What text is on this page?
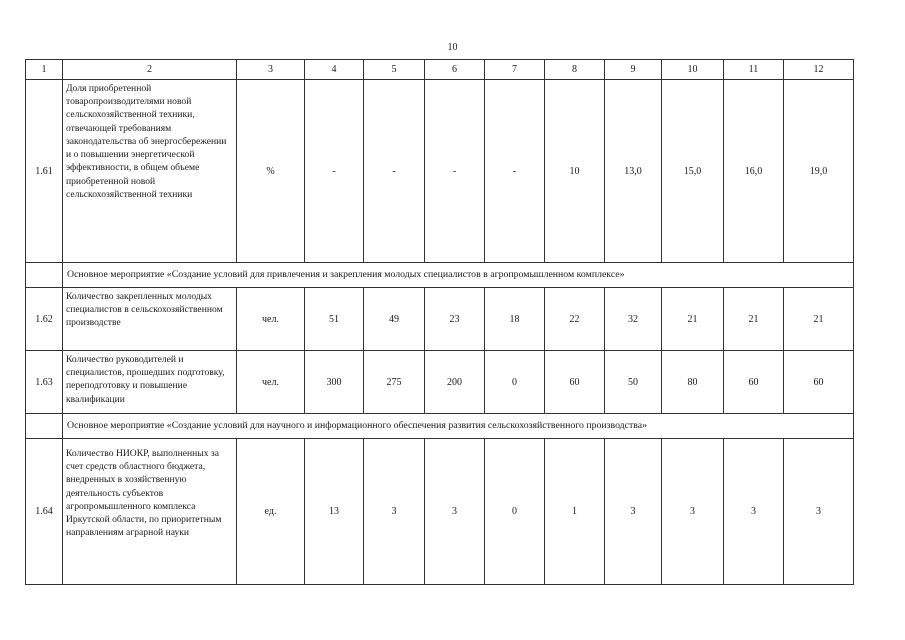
10
1	2	3	4	5	6	7	8	9	10	11	12
1.61	Доля приобретенной товаропроизводителями новой сельскохозяйственной техники, отвечающей требованиям законодательства об энергосбережении и о повышении энергетической эффективности, в общем объеме приобретенной новой сельскохозяйственной техники	%	-	-	-	-	10	13,0	15,0	16,0	19,0
	Основное мероприятие «Создание условий для привлечения и закрепления молодых специалистов в агропромышленном комплексе»										
1.62	Количество закрепленных молодых специалистов в сельскохозяйственном производстве	чел.	51	49	23	18	22	32	21	21	21
1.63	Количество руководителей и специалистов, прошедших подготовку, переподготовку и повышение квалификации	чел.	300	275	200	0	60	50	80	60	60
	Основное мероприятие «Создание условий для научного и информационного обеспечения развития сельскохозяйственного производства»										
1.64	Количество НИОКР, выполненных за счет средств областного бюджета, внедренных в хозяйственную деятельность субъектов агропромышленного комплекса Иркутской области, по приоритетным направлениям аграрной науки	ед.	13	3	3	0	1	3	3	3	3
